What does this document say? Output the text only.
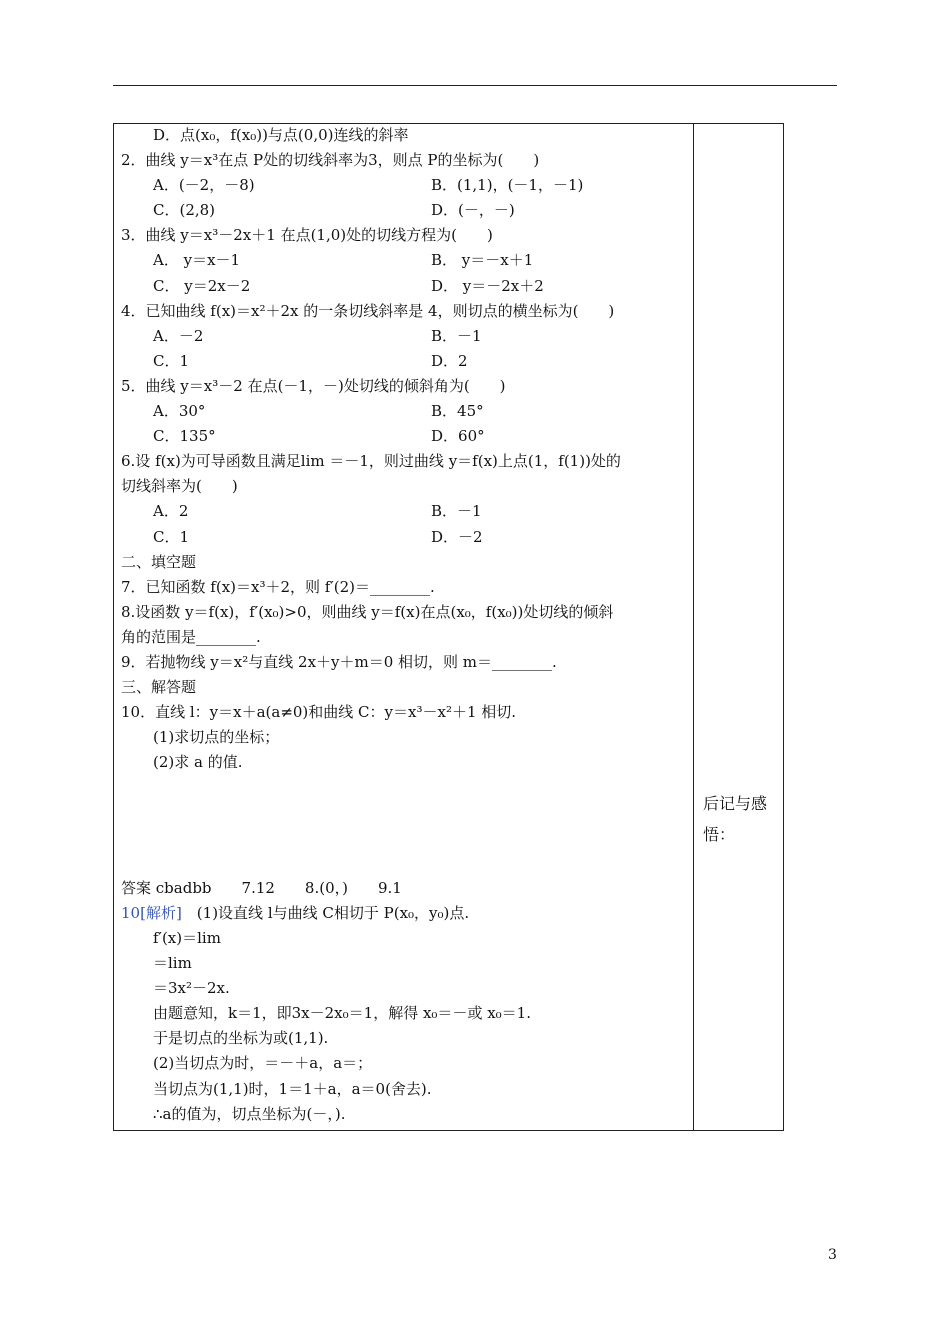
D．点(x₀，f(x₀))与点(0,0)连线的斜率
2．曲线 y＝x³在点 P处的切线斜率为3，则点 P的坐标为(　　)
A．(－2，－8)	B．(1,1)，(－1，－1)
C．(2,8)	D．(－，－)
3．曲线 y＝x³－2x＋1 在点(1,0)处的切线方程为(　　)
A． y＝x－1	B． y＝－x＋1
C． y＝2x－2	D． y＝－2x＋2
4．已知曲线 f(x)＝x²＋2x 的一条切线斜率是 4，则切点的横坐标为(　　)
A．－2	B．－1
C．1	D．2
5．曲线 y＝x³－2 在点(－1，－)处切线的倾斜角为(　　)
A．30°	B．45°
C．135°	D．60°
6.设 f(x)为可导函数且满足lim ＝－1，则过曲线 y＝f(x)上点(1，f(1))处的
切线斜率为(　　)
A．2	B．－1
C．1	D．－2
二、填空题
7．已知函数 f(x)＝x³＋2，则 f′(2)＝________.
8.设函数 y＝f(x)，f′(x₀)>0，则曲线 y＝f(x)在点(x₀，f(x₀))处切线的倾斜
角的范围是________.
9．若抛物线 y＝x²与直线 2x＋y＋m＝0 相切，则 m＝________.
三、解答题
10．直线 l：y＝x＋a(a≠0)和曲线 C：y＝x³－x²＋1 相切.
(1)求切点的坐标；
(2)求 a 的值.
答案 cbadbb　　7.12　　8.(0，)　　9.1
10[解析]　(1)设直线 l与曲线 C相切于 P(x₀，y₀)点.
f′(x)＝lim
＝lim
＝3x²－2x.
由题意知，k＝1，即3x－2x₀＝1，解得 x₀＝－或 x₀＝1.
于是切点的坐标为或(1,1).
(2)当切点为时，＝－＋a，a＝；
当切点为(1,1)时，1＝1＋a，a＝0(舍去).
∴a的值为，切点坐标为(－，).
后记与感悟：
3
